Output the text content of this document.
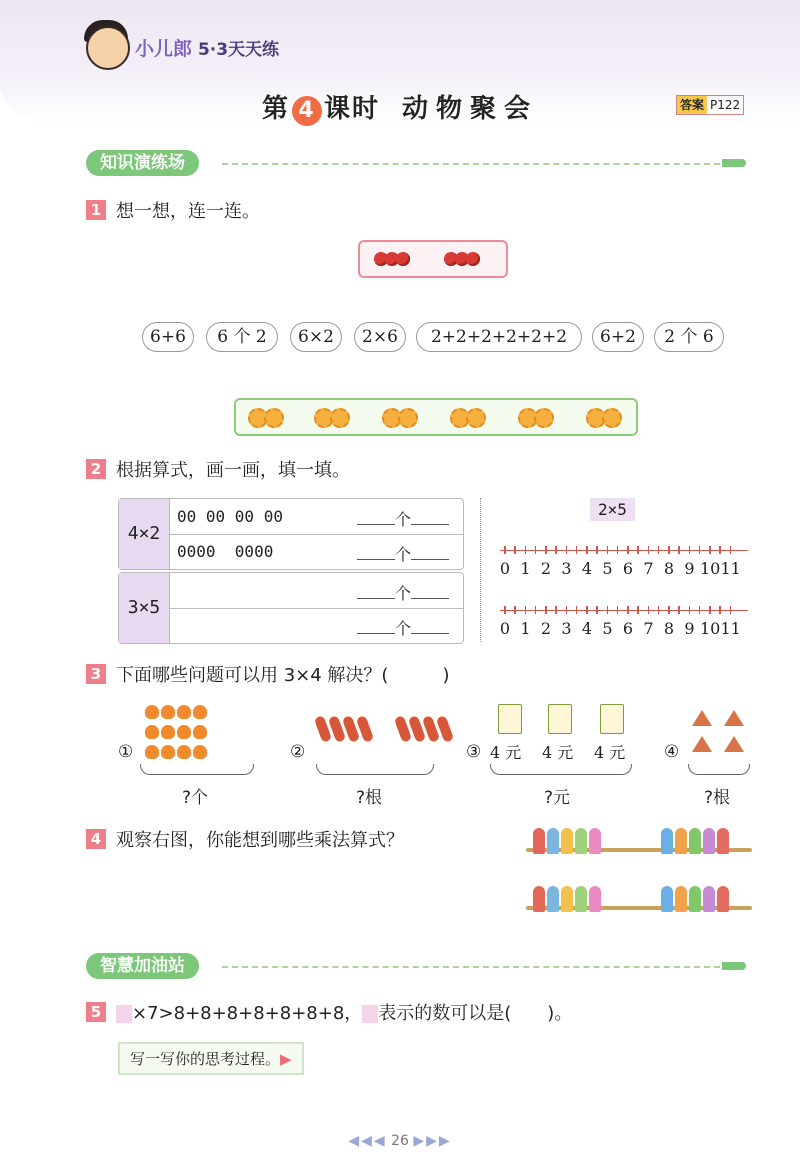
小儿郎 5·3天天练
第 4 课时 动物聚会	答案 P122
知识演练场
1 想一想，连一连。
6+6	6 个 2	6×2	2×6	2+2+2+2+2+2	6+2	2 个 6
2 根据算式，画一画，填一填。
4×2
00 00 00 00	个
0000  0000	个
3×5
个
个
2×5
0 1 2 3 4 5 6 7 8 9 10 11
0 1 2 3 4 5 6 7 8 9 10 11
3 下面哪些问题可以用 3×4 解决？(　　　)
①

?个
②

?根
③ 4 元 4 元 4 元
?元
④
?根
4 观察右图，你能想到哪些乘法算式？
智慧加油站
5	×7>8+8+8+8+8+8+8， 表示的数可以是(　　)。
写一写你的思考过程。▶
◀◀◀ 26 ▶▶▶
